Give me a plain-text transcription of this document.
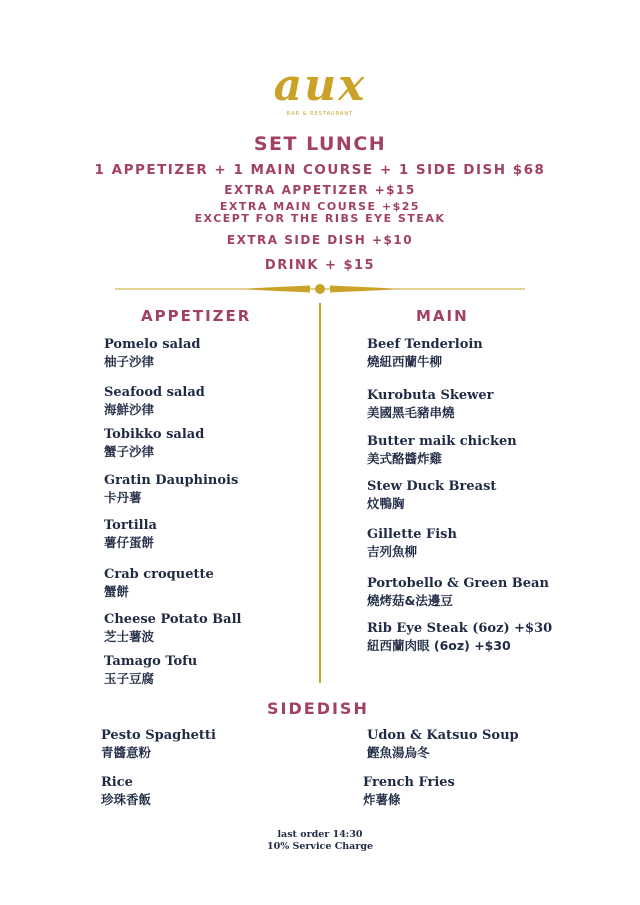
aux
BAR & RESTAURANT
SET LUNCH
1 APPETIZER + 1 MAIN COURSE + 1 SIDE DISH $68
EXTRA APPETIZER +$15
EXTRA MAIN COURSE +$25
EXCEPT FOR THE RIBS EYE STEAK
EXTRA SIDE DISH +$10
DRINK + $15
APPETIZER	MAIN
Pomelo salad
柚子沙律
Seafood salad
海鮮沙律
Tobikko salad
蟹子沙律
Gratin Dauphinois
卡丹薯
Tortilla
薯仔蛋餅
Crab croquette
蟹餅
Cheese Potato Ball
芝士薯波
Tamago Tofu
玉子豆腐
Beef Tenderloin
燒紐西蘭牛柳
Kurobuta Skewer
美國黑毛豬串燒
Butter maik chicken
美式酪醬炸雞
Stew Duck Breast
炆鴨胸
Gillette Fish
吉列魚柳
Portobello & Green Bean
燒烤菇&法邊豆
Rib Eye Steak (6oz) +$30
紐西蘭肉眼 (6oz) +$30
SIDEDISH
Pesto Spaghetti
青醬意粉
Udon & Katsuo Soup
鰹魚湯烏冬
Rice
珍珠香飯
French Fries
炸薯條
last order 14:30
10% Service Charge
